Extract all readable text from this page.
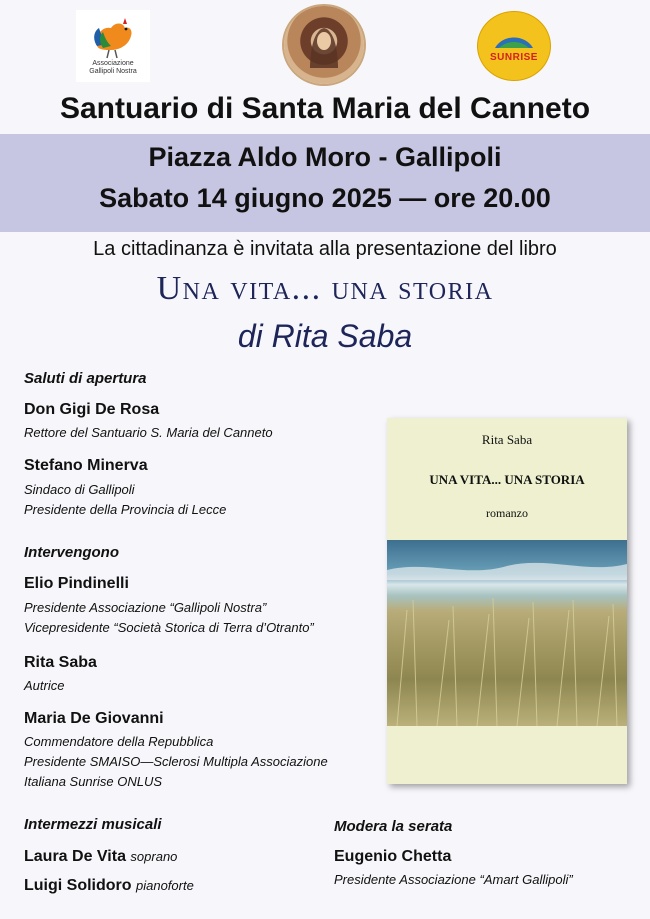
Associazione
Gallipoli Nostra
SUNRISE
Santuario di Santa Maria del Canneto
Piazza Aldo Moro - Gallipoli
Sabato 14 giugno 2025 — ore 20.00
La cittadinanza è invitata alla presentazione del libro
Una vita... una storia
di Rita Saba
Saluti di apertura
Don Gigi De Rosa
Rettore del Santuario S. Maria del Canneto
Stefano Minerva
Sindaco di Gallipoli
Presidente della Provincia di Lecce
Intervengono
Elio Pindinelli
Presidente Associazione “Gallipoli Nostra”
Vicepresidente “Società Storica di Terra d’Otranto”
Rita Saba
Autrice
Maria De Giovanni
Commendatore della Repubblica
Presidente SMAISO—Sclerosi Multipla Associazione
Italiana Sunrise ONLUS
Intermezzi musicali
Laura De Vita soprano
Luigi Solidoro pianoforte
Modera la serata
Eugenio Chetta
Presidente Associazione “Amart Gallipoli”
Rita Saba
UNA VITA... UNA STORIA
romanzo
